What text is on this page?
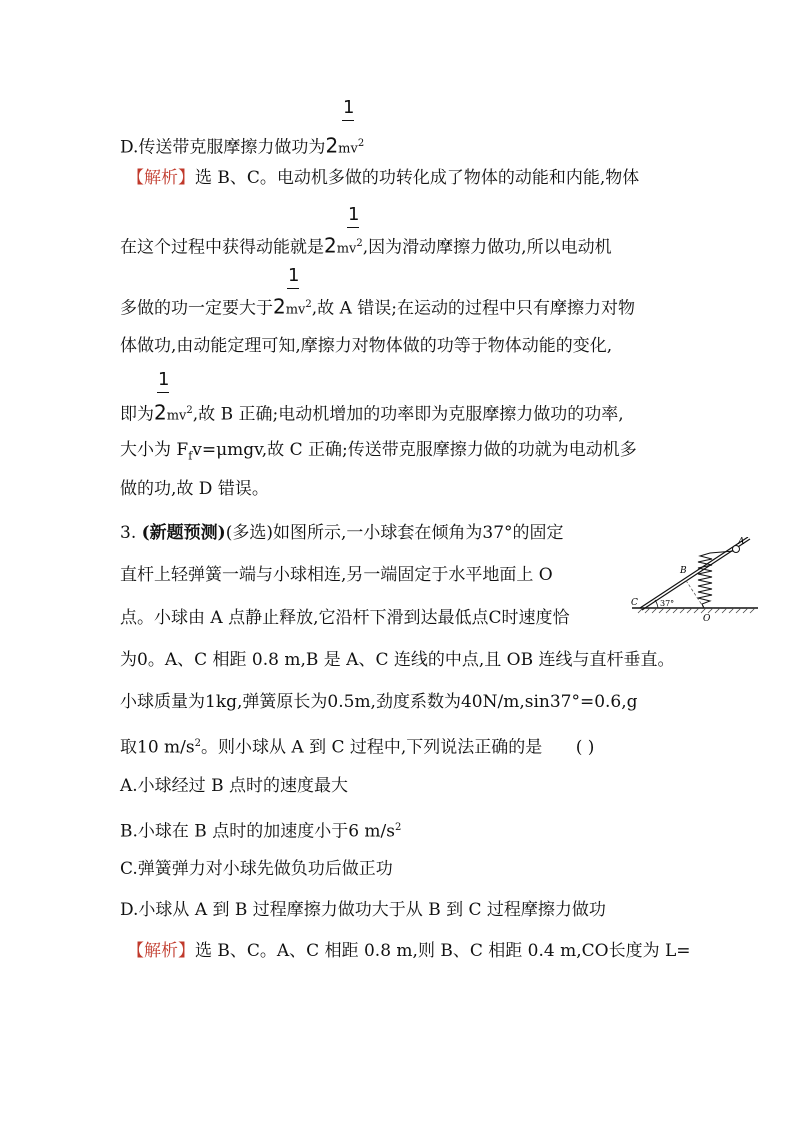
1
D.传送带克服摩擦力做功为$2mv^2$
【解析】选 B、C。电动机多做的功转化成了物体的动能和内能,物体
1
在这个过程中获得动能就是$2mv^2$,因为滑动摩擦力做功,所以电动机
1
多做的功一定要大于$2mv^2$,故 A 错误;在运动的过程中只有摩擦力对物
体做功,由动能定理可知,摩擦力对物体做的功等于物体动能的变化,
1
即为$2mv^2$,故 B 正确;电动机增加的功率即为克服摩擦力做功的功率,
大小为 $F_fv=\mu mgv$,故 C 正确;传送带克服摩擦力做的功就为电动机多
做的功,故 D 错误。
3. (新题预测)(多选)如图所示,一小球套在倾角为37°的固定
直杆上轻弹簧一端与小球相连,另一端固定于水平地面上 O
点。小球由 A 点静止释放,它沿杆下滑到达最低点C时速度恰
为0。A、C 相距 0.8 m,B 是 A、C 连线的中点,且 OB 连线与直杆垂直。
小球质量为1kg,弹簧原长为0.5m,劲度系数为40N/m,sin37°=0.6,g
取10 $m/s^2$。则小球从 A 到 C 过程中,下列说法正确的是 ( )
A.小球经过 B 点时的速度最大
B.小球在 B 点时的加速度小于6 $m/s^2$
C.弹簧弹力对小球先做负功后做正功
D.小球从 A 到 B 过程摩擦力做功大于从 B 到 C 过程摩擦力做功
【解析】选 B、C。A、C 相距 0.8 m,则 B、C 相距 0.4 m,CO长度为 L=
A
B
C
O
37°
